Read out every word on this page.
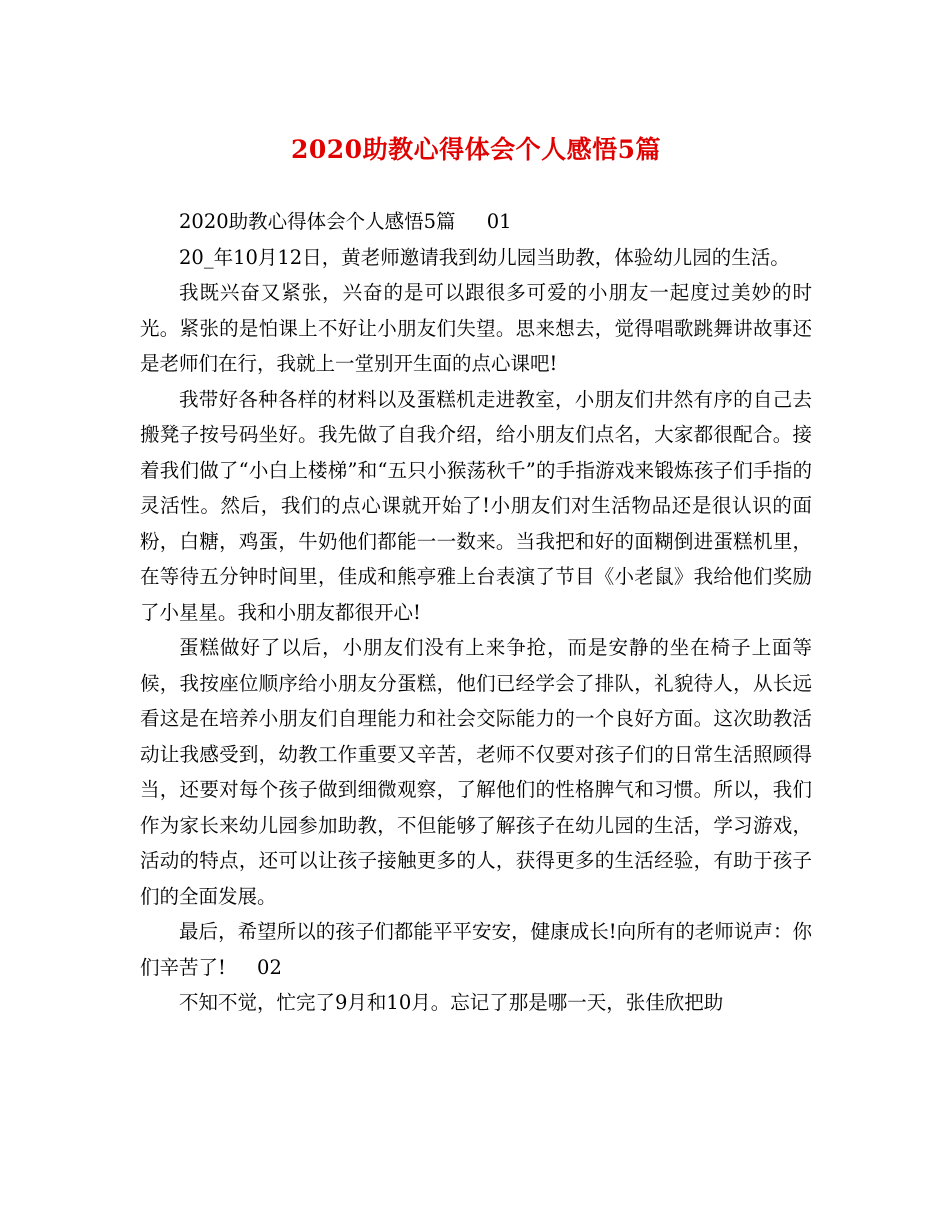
2020助教心得体会个人感悟5篇

2020助教心得体会个人感悟5篇 01

20_年10月12日，黄老师邀请我到幼儿园当助教，体验幼儿园的生活。

我既兴奋又紧张，兴奋的是可以跟很多可爱的小朋友一起度过美妙的时光。紧张的是怕课上不好让小朋友们失望。思来想去，觉得唱歌跳舞讲故事还是老师们在行，我就上一堂别开生面的点心课吧!

我带好各种各样的材料以及蛋糕机走进教室，小朋友们井然有序的自己去搬凳子按号码坐好。我先做了自我介绍，给小朋友们点名，大家都很配合。接着我们做了“小白上楼梯”和“五只小猴荡秋千”的手指游戏来锻炼孩子们手指的灵活性。然后，我们的点心课就开始了!小朋友们对生活物品还是很认识的面粉，白糖，鸡蛋，牛奶他们都能一一数来。当我把和好的面糊倒进蛋糕机里，在等待五分钟时间里，佳成和熊亭雅上台表演了节目《小老鼠》我给他们奖励了小星星。我和小朋友都很开心!

蛋糕做好了以后，小朋友们没有上来争抢，而是安静的坐在椅子上面等候，我按座位顺序给小朋友分蛋糕，他们已经学会了排队，礼貌待人，从长远看这是在培养小朋友们自理能力和社会交际能力的一个良好方面。这次助教活动让我感受到，幼教工作重要又辛苦，老师不仅要对孩子们的日常生活照顾得当，还要对每个孩子做到细微观察，了解他们的性格脾气和习惯。所以，我们作为家长来幼儿园参加助教，不但能够了解孩子在幼儿园的生活，学习游戏，活动的特点，还可以让孩子接触更多的人，获得更多的生活经验，有助于孩子们的全面发展。

最后，希望所以的孩子们都能平平安安，健康成长!向所有的老师说声：你们辛苦了! 02

不知不觉，忙完了9月和10月。忘记了那是哪一天，张佳欣把助
